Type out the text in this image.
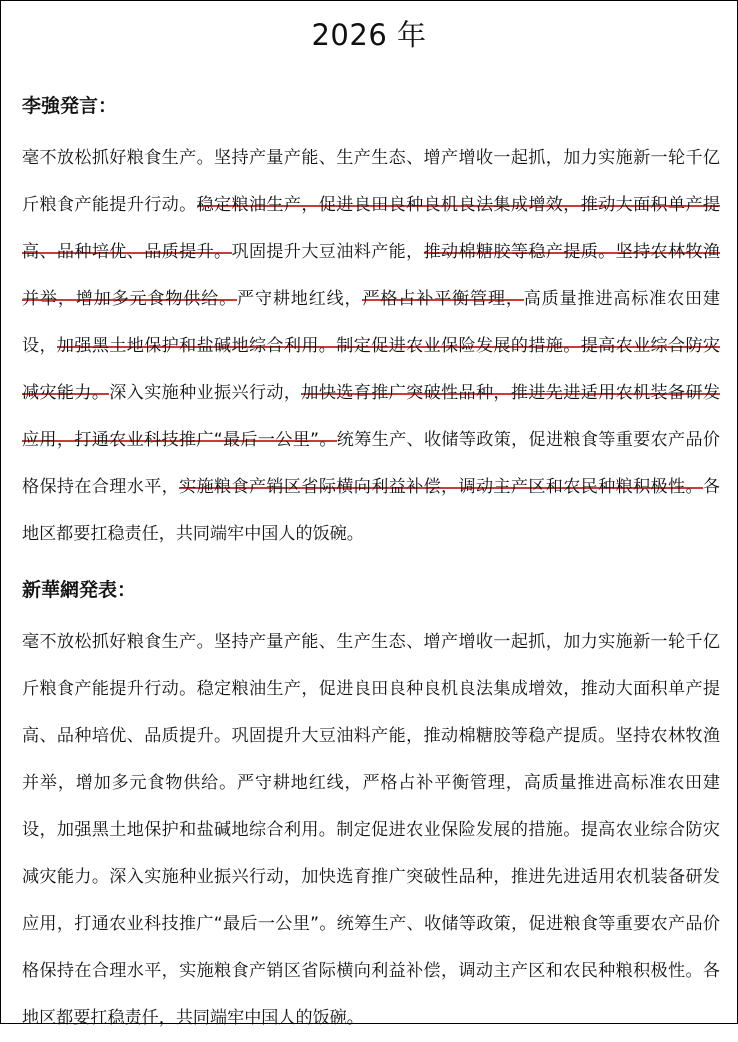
2026 年
李強発言：
毫不放松抓好粮食生产。坚持产量产能、生产生态、增产增收一起抓，加力实施新一轮千亿斤粮食产能提升行动。稳定粮油生产，促进良田良种良机良法集成增效，推动大面积单产提高、品种培优、品质提升。巩固提升大豆油料产能，推动棉糖胶等稳产提质。坚持农林牧渔并举，增加多元食物供给。严守耕地红线，严格占补平衡管理，高质量推进高标准农田建设，加强黑土地保护和盐碱地综合利用。制定促进农业保险发展的措施。提高农业综合防灾减灾能力。深入实施种业振兴行动，加快选育推广突破性品种，推进先进适用农机装备研发应用，打通农业科技推广“最后一公里”。统筹生产、收储等政策，促进粮食等重要农产品价格保持在合理水平，实施粮食产销区省际横向利益补偿，调动主产区和农民种粮积极性。各地区都要扛稳责任，共同端牢中国人的饭碗。
新華網発表：
毫不放松抓好粮食生产。坚持产量产能、生产生态、增产增收一起抓，加力实施新一轮千亿斤粮食产能提升行动。稳定粮油生产，促进良田良种良机良法集成增效，推动大面积单产提高、品种培优、品质提升。巩固提升大豆油料产能，推动棉糖胶等稳产提质。坚持农林牧渔并举，增加多元食物供给。严守耕地红线，严格占补平衡管理，高质量推进高标准农田建设，加强黑土地保护和盐碱地综合利用。制定促进农业保险发展的措施。提高农业综合防灾减灾能力。深入实施种业振兴行动，加快选育推广突破性品种，推进先进适用农机装备研发应用，打通农业科技推广“最后一公里”。统筹生产、收储等政策，促进粮食等重要农产品价格保持在合理水平，实施粮食产销区省际横向利益补偿，调动主产区和农民种粮积极性。各地区都要扛稳责任，共同端牢中国人的饭碗。
